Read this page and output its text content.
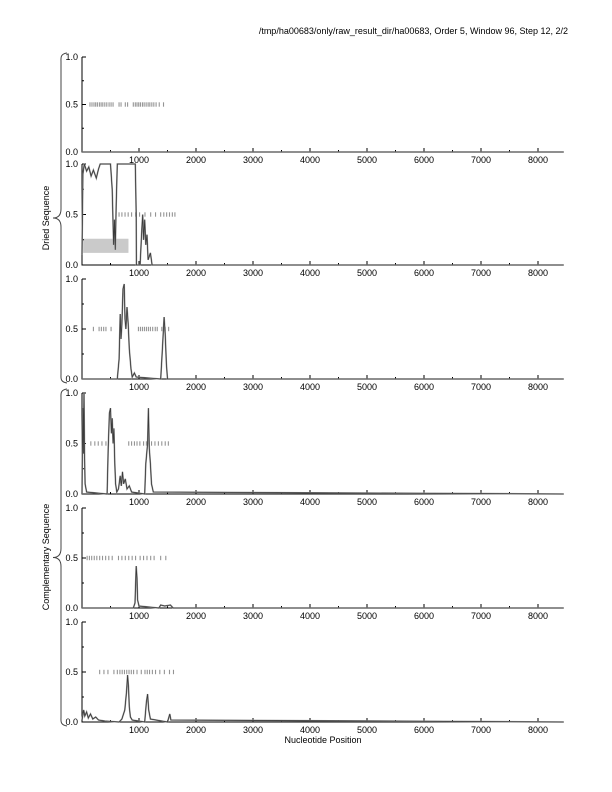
/tmp/ha00683/only/raw_result_dir/ha00683, Order 5, Window 96, Step 12, 2/2
1000	2000	3000	4000	5000	6000	7000	8000
0.0
0.5
1.0
1000	2000	3000	4000	5000	6000	7000	8000
0.0
0.5
1.0
1000	2000	3000	4000	5000	6000	7000	8000
0.0
0.5
1.0
1000	2000	3000	4000	5000	6000	7000	8000
0.0
0.5
1.0
1000	2000	3000	4000	5000	6000	7000	8000
0.0
0.5
1.0
1000	2000	3000	4000	5000	6000	7000	8000
0.0
0.5
1.0
Dried Sequence
Complementary Sequence
Nucleotide Position
